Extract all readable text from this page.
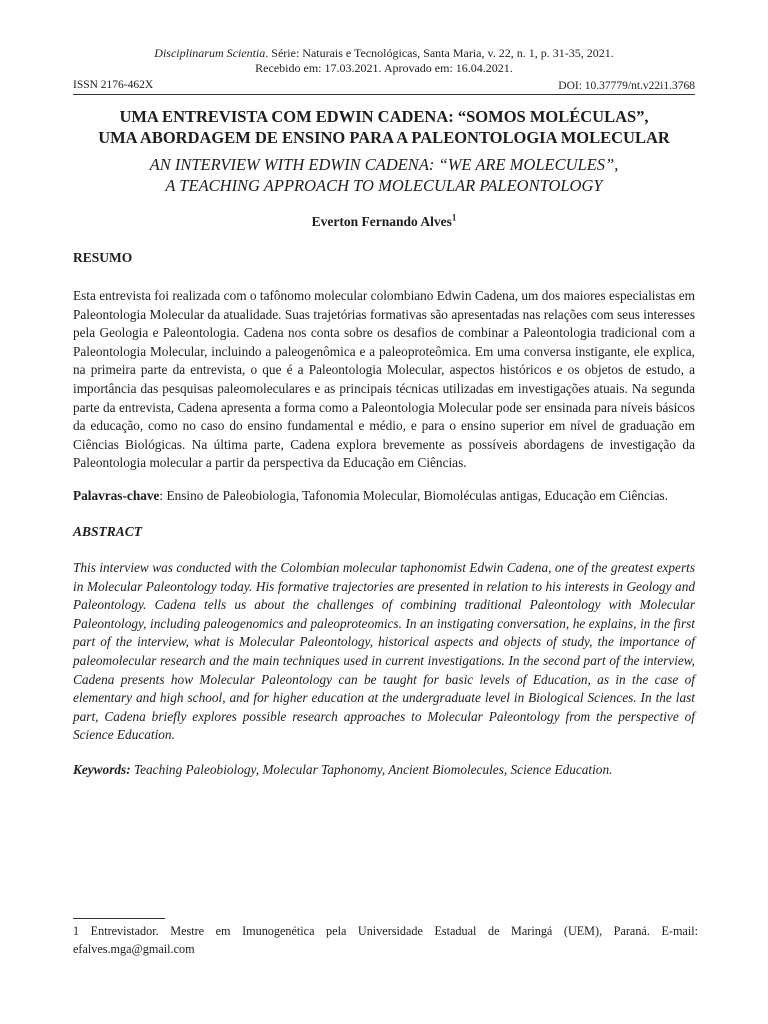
Disciplinarum Scientia. Série: Naturais e Tecnológicas, Santa Maria, v. 22, n. 1, p. 31-35, 2021.
Recebido em: 17.03.2021. Aprovado em: 16.04.2021.
ISSN 2176-462X	DOI: 10.37779/nt.v22i1.3768
UMA ENTREVISTA COM EDWIN CADENA: “SOMOS MOLÉCULAS”,
UMA ABORDAGEM DE ENSINO PARA A PALEONTOLOGIA MOLECULAR
AN INTERVIEW WITH EDWIN CADENA: “WE ARE MOLECULES”,
A TEACHING APPROACH TO MOLECULAR PALEONTOLOGY
Everton Fernando Alves$^1$
RESUMO
Esta entrevista foi realizada com o tafônomo molecular colombiano Edwin Cadena, um dos maiores especialistas em Paleontologia Molecular da atualidade. Suas trajetórias formativas são apresentadas nas relações com seus interesses pela Geologia e Paleontologia. Cadena nos conta sobre os desafios de combinar a Paleontologia tradicional com a Paleontologia Molecular, incluindo a paleogenômica e a paleoproteômica. Em uma conversa instigante, ele explica, na primeira parte da entrevista, o que é a Paleontologia Molecular, aspectos históricos e os objetos de estudo, a importância das pesquisas paleomoleculares e as principais técnicas utilizadas em investigações atuais. Na segunda parte da entrevista, Cadena apresenta a forma como a Paleontologia Molecular pode ser ensinada para níveis básicos da educação, como no caso do ensino fundamental e médio, e para o ensino superior em nível de graduação em Ciências Biológicas. Na última parte, Cadena explora brevemente as possíveis abordagens de investigação da Paleontologia molecular a partir da perspectiva da Educação em Ciências.
Palavras-chave: Ensino de Paleobiologia, Tafonomia Molecular, Biomoléculas antigas, Educação em Ciências.
ABSTRACT
This interview was conducted with the Colombian molecular taphonomist Edwin Cadena, one of the greatest experts in Molecular Paleontology today. His formative trajectories are presented in relation to his interests in Geology and Paleontology. Cadena tells us about the challenges of combining traditional Paleontology with Molecular Paleontology, including paleogenomics and paleoproteomics. In an instigating conversation, he explains, in the first part of the interview, what is Molecular Paleontology, historical aspects and objects of study, the importance of paleomolecular research and the main techniques used in current investigations. In the second part of the interview, Cadena presents how Molecular Paleontology can be taught for basic levels of Education, as in the case of elementary and high school, and for higher education at the undergraduate level in Biological Sciences. In the last part, Cadena briefly explores possible research approaches to Molecular Paleontology from the perspective of Science Education.
Keywords: Teaching Paleobiology, Molecular Taphonomy, Ancient Biomolecules, Science Education.
1 Entrevistador. Mestre em Imunogenética pela Universidade Estadual de Maringá (UEM), Paraná. E-mail: efalves.mga@gmail.com
